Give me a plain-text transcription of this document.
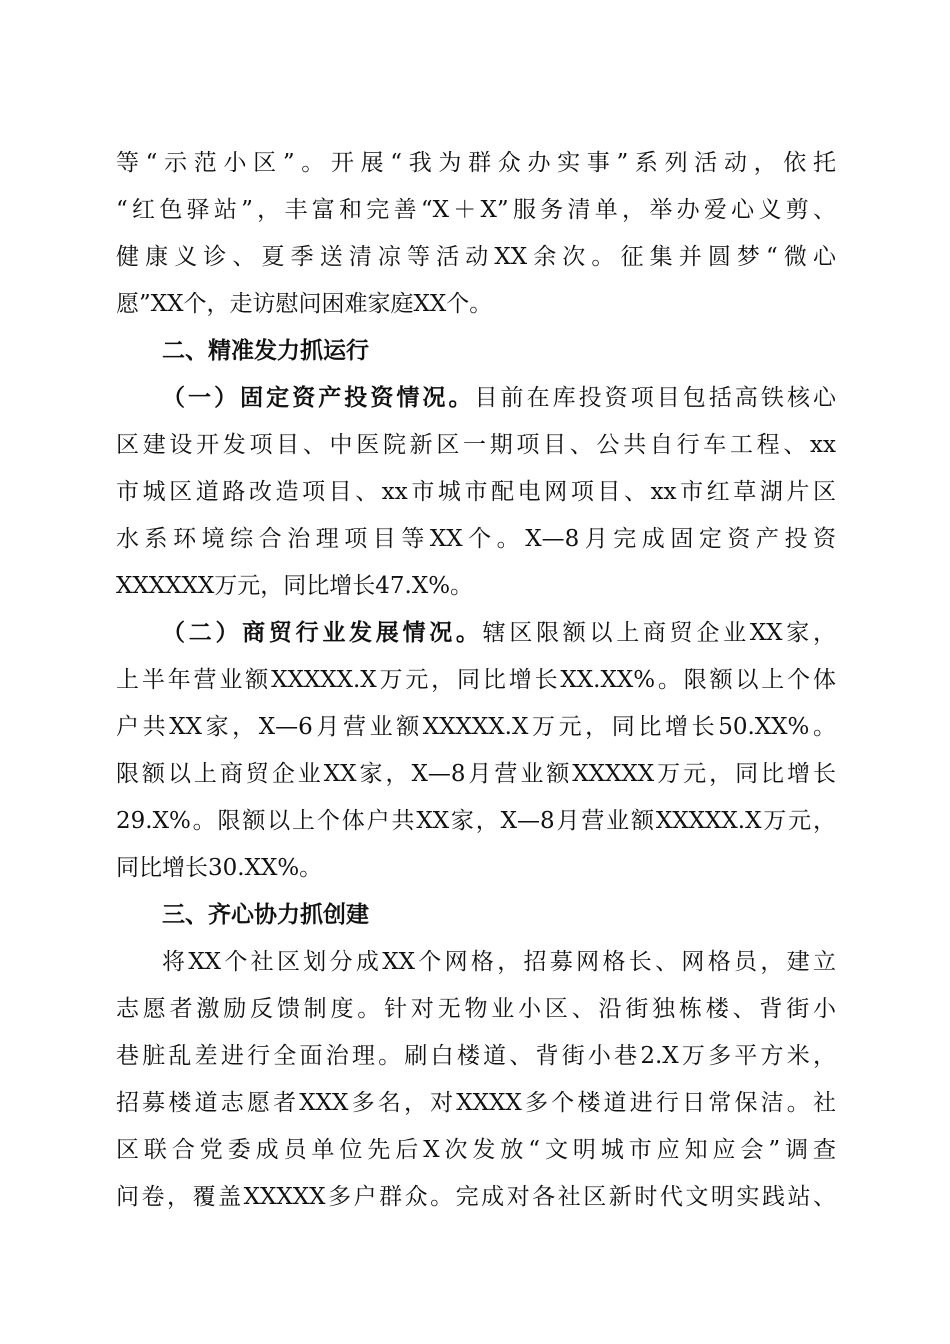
等“示范小区”。开展“我为群众办实事”系列活动，依托
“红色驿站”，丰富和完善“X＋X”服务清单，举办爱心义剪、
健康义诊、夏季送清凉等活动XX余次。征集并圆梦“微心
愿”XX个，走访慰问困难家庭XX个。
二、精准发力抓运行
（一）固定资产投资情况。目前在库投资项目包括高铁核心
区建设开发项目、中医院新区一期项目、公共自行车工程、xx
市城区道路改造项目、xx市城市配电网项目、xx市红草湖片区
水系环境综合治理项目等XX个。X—8月完成固定资产投资
XXXXXX万元，同比增长47.X%。
（二）商贸行业发展情况。辖区限额以上商贸企业XX家，
上半年营业额XXXXX.X万元，同比增长XX.XX%。限额以上个体
户共XX家，X—6月营业额XXXXX.X万元，同比增长50.XX%。
限额以上商贸企业XX家，X—8月营业额XXXXX万元，同比增长
29.X%。限额以上个体户共XX家，X—8月营业额XXXXX.X万元，
同比增长30.XX%。
三、齐心协力抓创建
将XX个社区划分成XX个网格，招募网格长、网格员，建立
志愿者激励反馈制度。针对无物业小区、沿街独栋楼、背街小
巷脏乱差进行全面治理。刷白楼道、背街小巷2.X万多平方米，
招募楼道志愿者XXX多名，对XXXX多个楼道进行日常保洁。社
区联合党委成员单位先后X次发放“文明城市应知应会”调查
问卷，覆盖XXXXX多户群众。完成对各社区新时代文明实践站、
